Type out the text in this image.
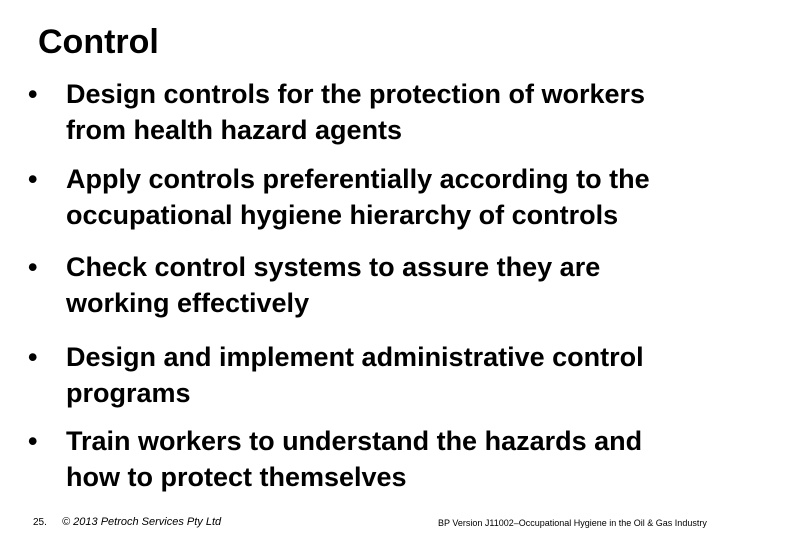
Control
•	Design controls for the protection of workers
from health hazard agents
•	Apply controls preferentially according to the
occupational hygiene hierarchy of controls
•	Check control systems to assure they are
working effectively
•	Design and implement administrative control
programs
•	Train workers to understand the hazards and
how to protect themselves
25. © 2013 Petroch Services Pty Ltd	BP Version J11002–Occupational Hygiene in the Oil & Gas Industry
